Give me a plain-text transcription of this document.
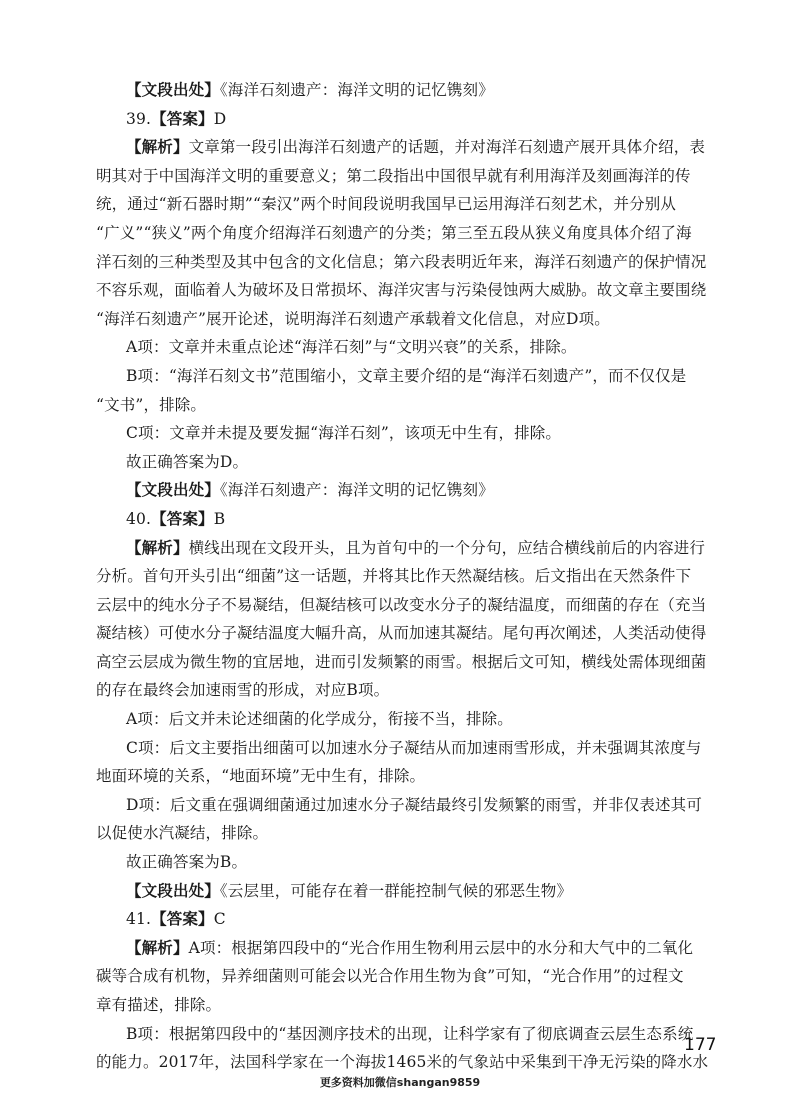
【文段出处】《海洋石刻遗产：海洋文明的记忆镌刻》
39.【答案】D
【解析】文章第一段引出海洋石刻遗产的话题，并对海洋石刻遗产展开具体介绍，表
明其对于中国海洋文明的重要意义；第二段指出中国很早就有利用海洋及刻画海洋的传
统，通过“新石器时期”“秦汉”两个时间段说明我国早已运用海洋石刻艺术，并分别从
“广义”“狭义”两个角度介绍海洋石刻遗产的分类；第三至五段从狭义角度具体介绍了海
洋石刻的三种类型及其中包含的文化信息；第六段表明近年来，海洋石刻遗产的保护情况
不容乐观，面临着人为破坏及日常损坏、海洋灾害与污染侵蚀两大威胁。故文章主要围绕
“海洋石刻遗产”展开论述，说明海洋石刻遗产承载着文化信息，对应D项。
A项：文章并未重点论述“海洋石刻”与“文明兴衰”的关系，排除。
B项：“海洋石刻文书”范围缩小，文章主要介绍的是“海洋石刻遗产”，而不仅仅是
“文书”，排除。
C项：文章并未提及要发掘“海洋石刻”，该项无中生有，排除。
故正确答案为D。
【文段出处】《海洋石刻遗产：海洋文明的记忆镌刻》
40.【答案】B
【解析】横线出现在文段开头，且为首句中的一个分句，应结合横线前后的内容进行
分析。首句开头引出“细菌”这一话题，并将其比作天然凝结核。后文指出在天然条件下
云层中的纯水分子不易凝结，但凝结核可以改变水分子的凝结温度，而细菌的存在（充当
凝结核）可使水分子凝结温度大幅升高，从而加速其凝结。尾句再次阐述，人类活动使得
高空云层成为微生物的宜居地，进而引发频繁的雨雪。根据后文可知，横线处需体现细菌
的存在最终会加速雨雪的形成，对应B项。
A项：后文并未论述细菌的化学成分，衔接不当，排除。
C项：后文主要指出细菌可以加速水分子凝结从而加速雨雪形成，并未强调其浓度与
地面环境的关系，“地面环境”无中生有，排除。
D项：后文重在强调细菌通过加速水分子凝结最终引发频繁的雨雪，并非仅表述其可
以促使水汽凝结，排除。
故正确答案为B。
【文段出处】《云层里，可能存在着一群能控制气候的邪恶生物》
41.【答案】C
【解析】A项：根据第四段中的“光合作用生物利用云层中的水分和大气中的二氧化
碳等合成有机物，异养细菌则可能会以光合作用生物为食”可知，“光合作用”的过程文
章有描述，排除。
B项：根据第四段中的“基因测序技术的出现，让科学家有了彻底调查云层生态系统
的能力。2017年，法国科学家在一个海拔1465米的气象站中采集到干净无污染的降水水
177
更多资料加微信shangan9859
